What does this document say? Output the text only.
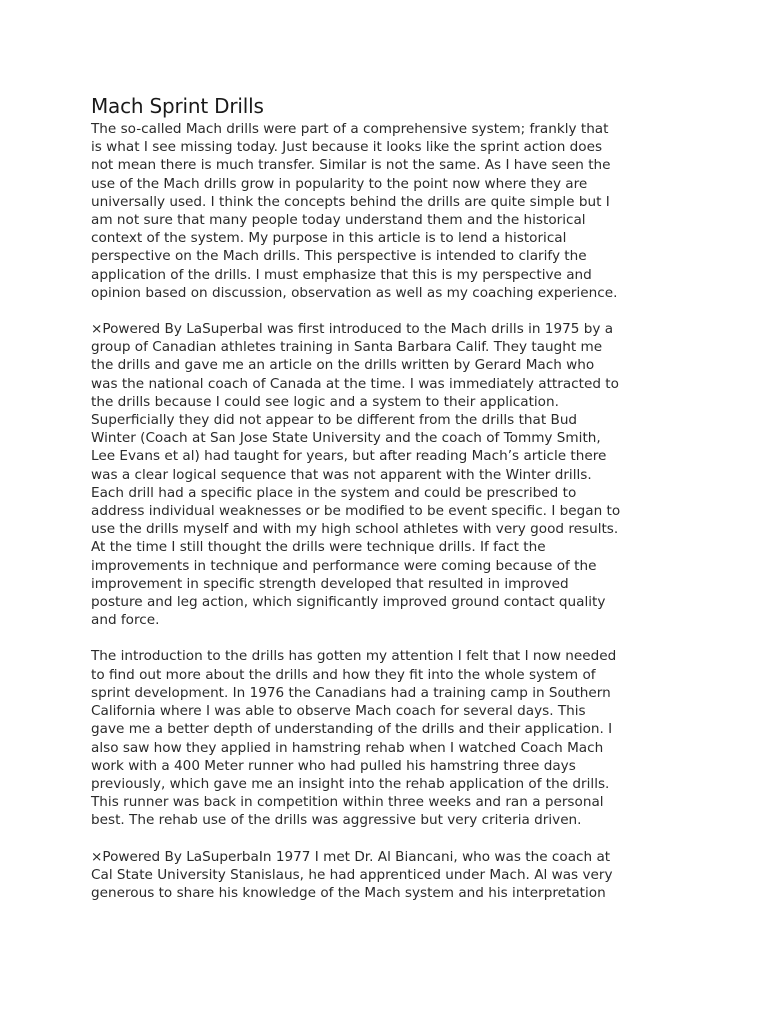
Mach Sprint Drills

The so-called Mach drills were part of a comprehensive system; frankly that
is what I see missing today. Just because it looks like the sprint action does
not mean there is much transfer. Similar is not the same. As I have seen the
use of the Mach drills grow in popularity to the point now where they are
universally used. I think the concepts behind the drills are quite simple but I
am not sure that many people today understand them and the historical
context of the system. My purpose in this article is to lend a historical
perspective on the Mach drills. This perspective is intended to clarify the
application of the drills. I must emphasize that this is my perspective and
opinion based on discussion, observation as well as my coaching experience.

×Powered By LaSuperbal was first introduced to the Mach drills in 1975 by a
group of Canadian athletes training in Santa Barbara Calif. They taught me
the drills and gave me an article on the drills written by Gerard Mach who
was the national coach of Canada at the time. I was immediately attracted to
the drills because I could see logic and a system to their application.
Superficially they did not appear to be different from the drills that Bud
Winter (Coach at San Jose State University and the coach of Tommy Smith,
Lee Evans et al) had taught for years, but after reading Mach’s article there
was a clear logical sequence that was not apparent with the Winter drills.
Each drill had a specific place in the system and could be prescribed to
address individual weaknesses or be modified to be event specific. I began to
use the drills myself and with my high school athletes with very good results.
At the time I still thought the drills were technique drills. If fact the
improvements in technique and performance were coming because of the
improvement in specific strength developed that resulted in improved
posture and leg action, which significantly improved ground contact quality
and force.

The introduction to the drills has gotten my attention I felt that I now needed
to find out more about the drills and how they fit into the whole system of
sprint development. In 1976 the Canadians had a training camp in Southern
California where I was able to observe Mach coach for several days. This
gave me a better depth of understanding of the drills and their application. I
also saw how they applied in hamstring rehab when I watched Coach Mach
work with a 400 Meter runner who had pulled his hamstring three days
previously, which gave me an insight into the rehab application of the drills.
This runner was back in competition within three weeks and ran a personal
best. The rehab use of the drills was aggressive but very criteria driven.

×Powered By LaSuperbaIn 1977 I met Dr. Al Biancani, who was the coach at
Cal State University Stanislaus, he had apprenticed under Mach. Al was very
generous to share his knowledge of the Mach system and his interpretation
